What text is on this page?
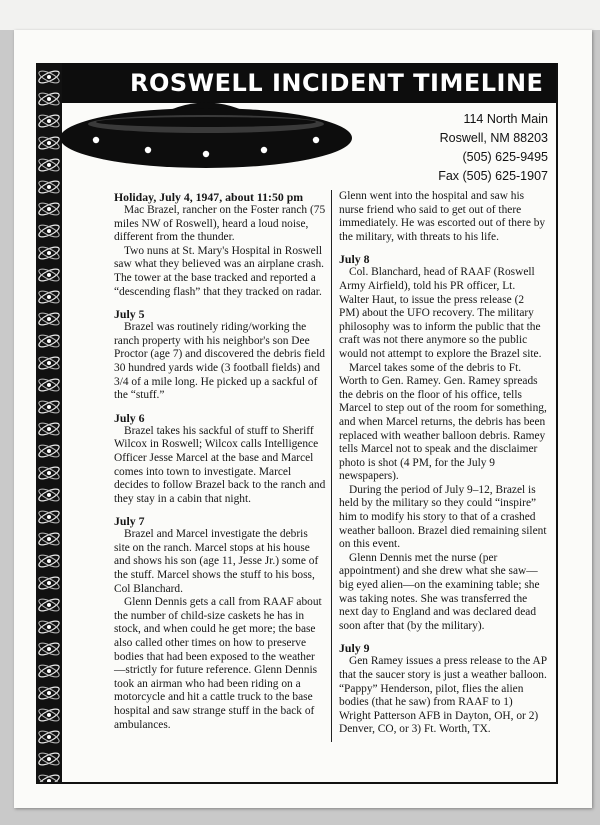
ROSWELL INCIDENT TIMELINE
114 North Main
Roswell, NM 88203
(505) 625-9495
Fax (505) 625-1907
Holiday, July 4, 1947, about 11:50 pm

Mac Brazel, rancher on the Foster ranch (75 miles NW of Roswell), heard a loud noise, different from the thunder.

Two nuns at St. Mary's Hospital in Roswell saw what they believed was an airplane crash. The tower at the base tracked and reported a “descending flash” that they tracked on radar.

July 5

Brazel was routinely riding/working the ranch property with his neighbor's son Dee Proctor (age 7) and discovered the debris field 30 hundred yards wide (3 football fields) and 3/4 of a mile long. He picked up a sackful of the “stuff.”

July 6

Brazel takes his sackful of stuff to Sheriff Wilcox in Roswell; Wilcox calls Intelligence Officer Jesse Marcel at the base and Marcel comes into town to investigate. Marcel decides to follow Brazel back to the ranch and they stay in a cabin that night.

July 7

Brazel and Marcel investigate the debris site on the ranch. Marcel stops at his house and shows his son (age 11, Jesse Jr.) some of the stuff. Marcel shows the stuff to his boss, Col Blanchard.

Glenn Dennis gets a call from RAAF about the number of child-size caskets he has in stock, and when could he get more; the base also called other times on how to preserve bodies that had been exposed to the weather—strictly for future reference. Glenn Dennis took an airman who had been riding on a motorcycle and hit a cattle truck to the base hospital and saw strange stuff in the back of ambulances.

Glenn went into the hospital and saw his nurse friend who said to get out of there immediately. He was escorted out of there by the military, with threats to his life.

July 8

Col. Blanchard, head of RAAF (Roswell Army Airfield), told his PR officer, Lt. Walter Haut, to issue the press release (2 PM) about the UFO recovery. The military philosophy was to inform the public that the craft was not there anymore so the public would not attempt to explore the Brazel site.

Marcel takes some of the debris to Ft. Worth to Gen. Ramey. Gen. Ramey spreads the debris on the floor of his office, tells Marcel to step out of the room for something, and when Marcel returns, the debris has been replaced with weather balloon debris. Ramey tells Marcel not to speak and the disclaimer photo is shot (4 PM, for the July 9 newspapers).

During the period of July 9–12, Brazel is held by the military so they could “inspire” him to modify his story to that of a crashed weather balloon. Brazel died remaining silent on this event.

Glenn Dennis met the nurse (per appointment) and she drew what she saw—big eyed alien—on the examining table; she was taking notes. She was transferred the next day to England and was declared dead soon after that (by the military).

July 9

Gen Ramey issues a press release to the AP that the saucer story is just a weather balloon. “Pappy” Henderson, pilot, flies the alien bodies (that he saw) from RAAF to 1) Wright Patterson AFB in Dayton, OH, or 2) Denver, CO, or 3) Ft. Worth, TX.
